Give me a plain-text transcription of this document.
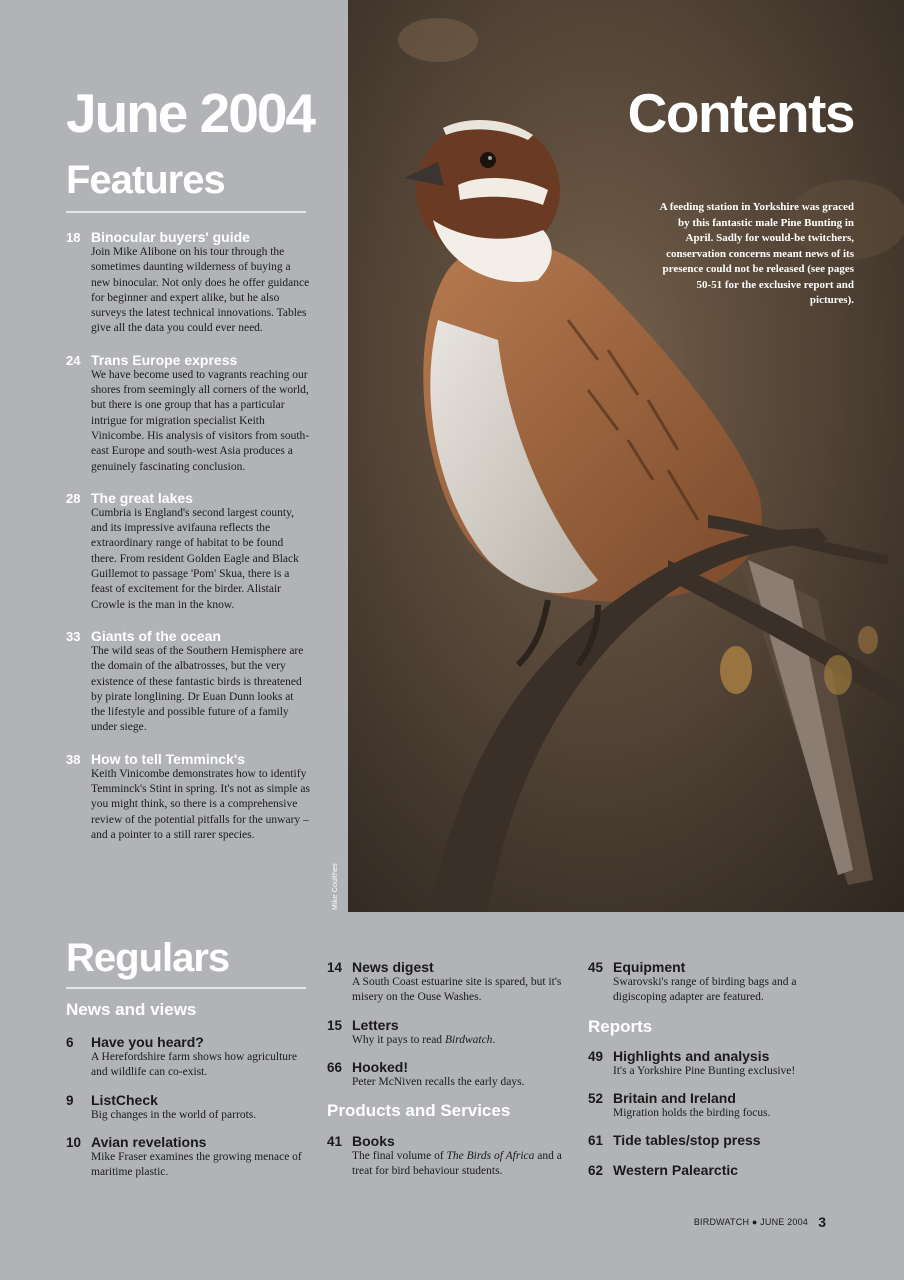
Mike Coulthes
June 2004	Contents
A feeding station in Yorkshire was graced by this fantastic male Pine Bunting in April. Sadly for would-be twitchers, conservation concerns meant news of its presence could not be released (see pages 50-51 for the exclusive report and pictures).
Features
18 Binocular buyers' guide
Join Mike Alibone on his tour through the sometimes daunting wilderness of buying a new binocular. Not only does he offer guidance for beginner and expert alike, but he also surveys the latest technical innovations. Tables give all the data you could ever need.
24 Trans Europe express
We have become used to vagrants reaching our shores from seemingly all corners of the world, but there is one group that has a particular intrigue for migration specialist Keith Vinicombe. His analysis of visitors from south-east Europe and south-west Asia produces a genuinely fascinating conclusion.
28 The great lakes
Cumbria is England's second largest county, and its impressive avifauna reflects the extraordinary range of habitat to be found there. From resident Golden Eagle and Black Guillemot to passage 'Pom' Skua, there is a feast of excitement for the birder. Alistair Crowle is the man in the know.
33 Giants of the ocean
The wild seas of the Southern Hemisphere are the domain of the albatrosses, but the very existence of these fantastic birds is threatened by pirate longlining. Dr Euan Dunn looks at the lifestyle and possible future of a family under siege.
38 How to tell Temminck's
Keith Vinicombe demonstrates how to identify Temminck's Stint in spring. It's not as simple as you might think, so there is a comprehensive review of the potential pitfalls for the unwary – and a pointer to a still rarer species.
Regulars
News and views
6	Have you heard?
A Herefordshire farm shows how agriculture and wildlife can co-exist.
9	ListCheck
Big changes in the world of parrots.
10 Avian revelations
Mike Fraser examines the growing menace of maritime plastic.
14 News digest
A South Coast estuarine site is spared, but it's misery on the Ouse Washes.
15 Letters
Why it pays to read Birdwatch.
66 Hooked!
Peter McNiven recalls the early days.
Products and Services
41 Books
The final volume of The Birds of Africa and a treat for bird behaviour students.
45 Equipment
Swarovski's range of birding bags and a digiscoping adapter are featured.
Reports
49 Highlights and analysis
It's a Yorkshire Pine Bunting exclusive!
52 Britain and Ireland
Migration holds the birding focus.
61 Tide tables/stop press
62 Western Palearctic
BIRDWATCH ● JUNE 2004 3
